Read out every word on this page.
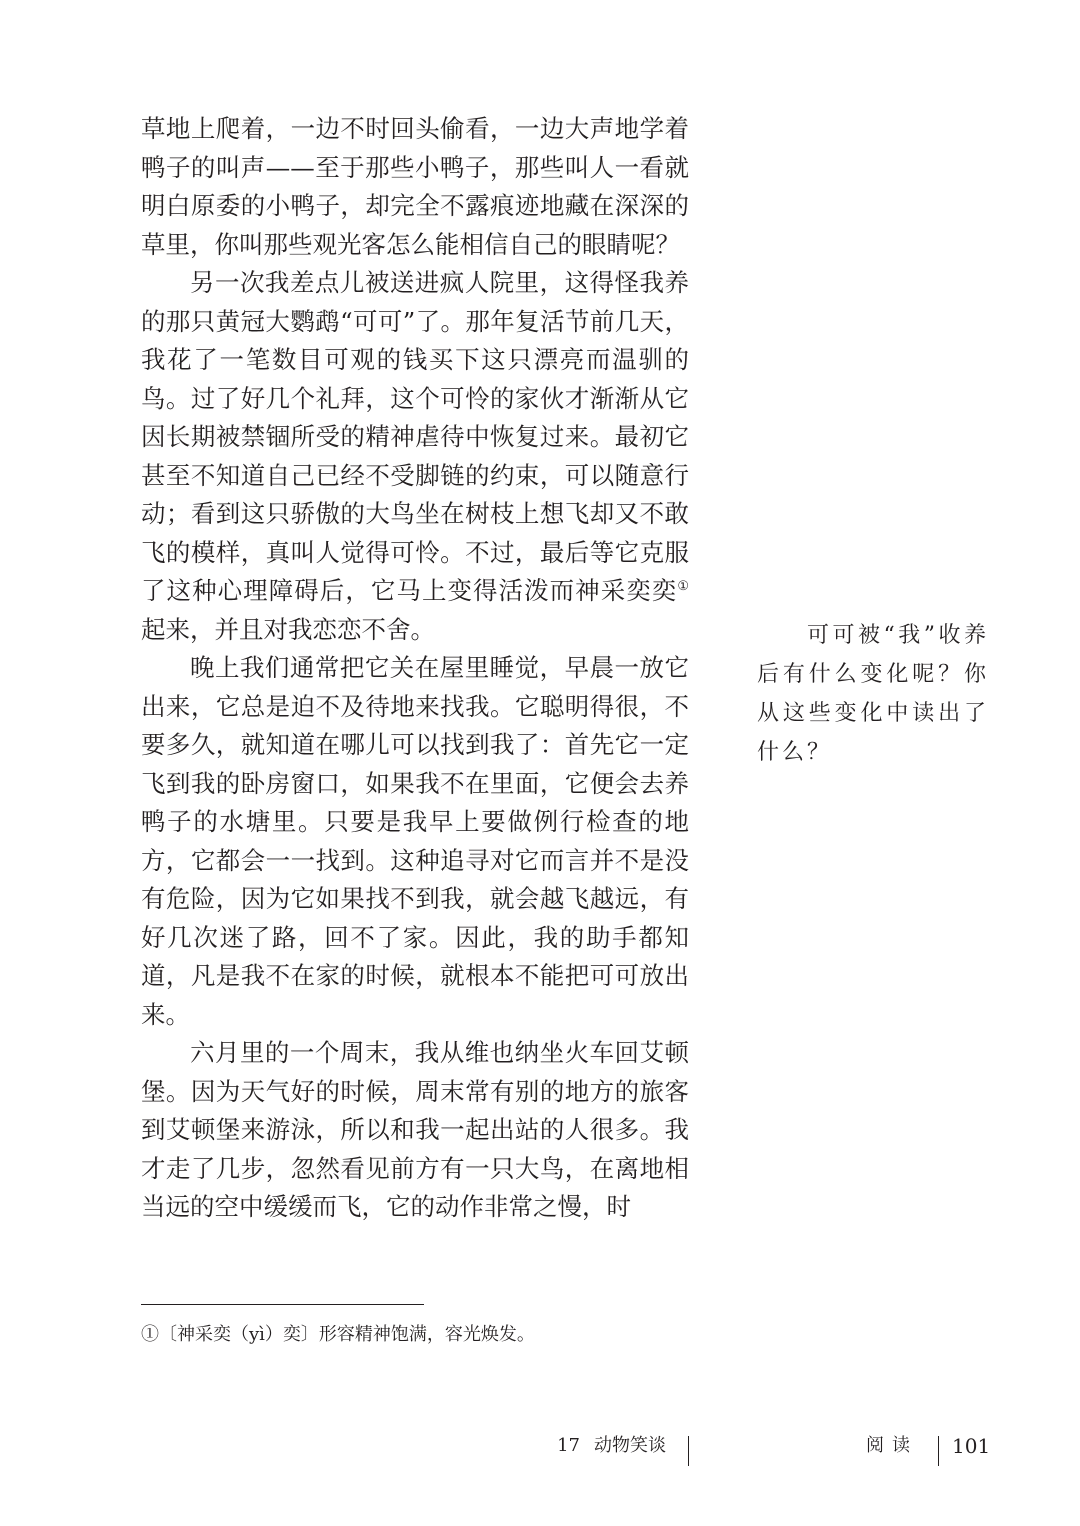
草地上爬着，一边不时回头偷看，一边大声地学着鸭子的叫声——至于那些小鸭子，那些叫人一看就明白原委的小鸭子，却完全不露痕迹地藏在深深的草里，你叫那些观光客怎么能相信自己的眼睛呢？

另一次我差点儿被送进疯人院里，这得怪我养的那只黄冠大鹦鹉“可可”了。那年复活节前几天，我花了一笔数目可观的钱买下这只漂亮而温驯的鸟。过了好几个礼拜，这个可怜的家伙才渐渐从它因长期被禁锢所受的精神虐待中恢复过来。最初它甚至不知道自己已经不受脚链的约束，可以随意行动；看到这只骄傲的大鸟坐在树枝上想飞却又不敢飞的模样，真叫人觉得可怜。不过，最后等它克服了这种心理障碍后，它马上变得活泼而神采奕奕①起来，并且对我恋恋不舍。

晚上我们通常把它关在屋里睡觉，早晨一放它出来，它总是迫不及待地来找我。它聪明得很，不要多久，就知道在哪儿可以找到我了：首先它一定飞到我的卧房窗口，如果我不在里面，它便会去养鸭子的水塘里。只要是我早上要做例行检查的地方，它都会一一找到。这种追寻对它而言并不是没有危险，因为它如果找不到我，就会越飞越远，有好几次迷了路，回不了家。因此，我的助手都知道，凡是我不在家的时候，就根本不能把可可放出来。

六月里的一个周末，我从维也纳坐火车回艾顿堡。因为天气好的时候，周末常有别的地方的旅客到艾顿堡来游泳，所以和我一起出站的人很多。我才走了几步，忽然看见前方有一只大鸟，在离地相当远的空中缓缓而飞，它的动作非常之慢，时

可可被“我”收养后有什么变化呢？你从这些变化中读出了什么？

①〔神采奕（yì）奕〕形容精神饱满，容光焕发。

17 动物笑谈	阅读 101
